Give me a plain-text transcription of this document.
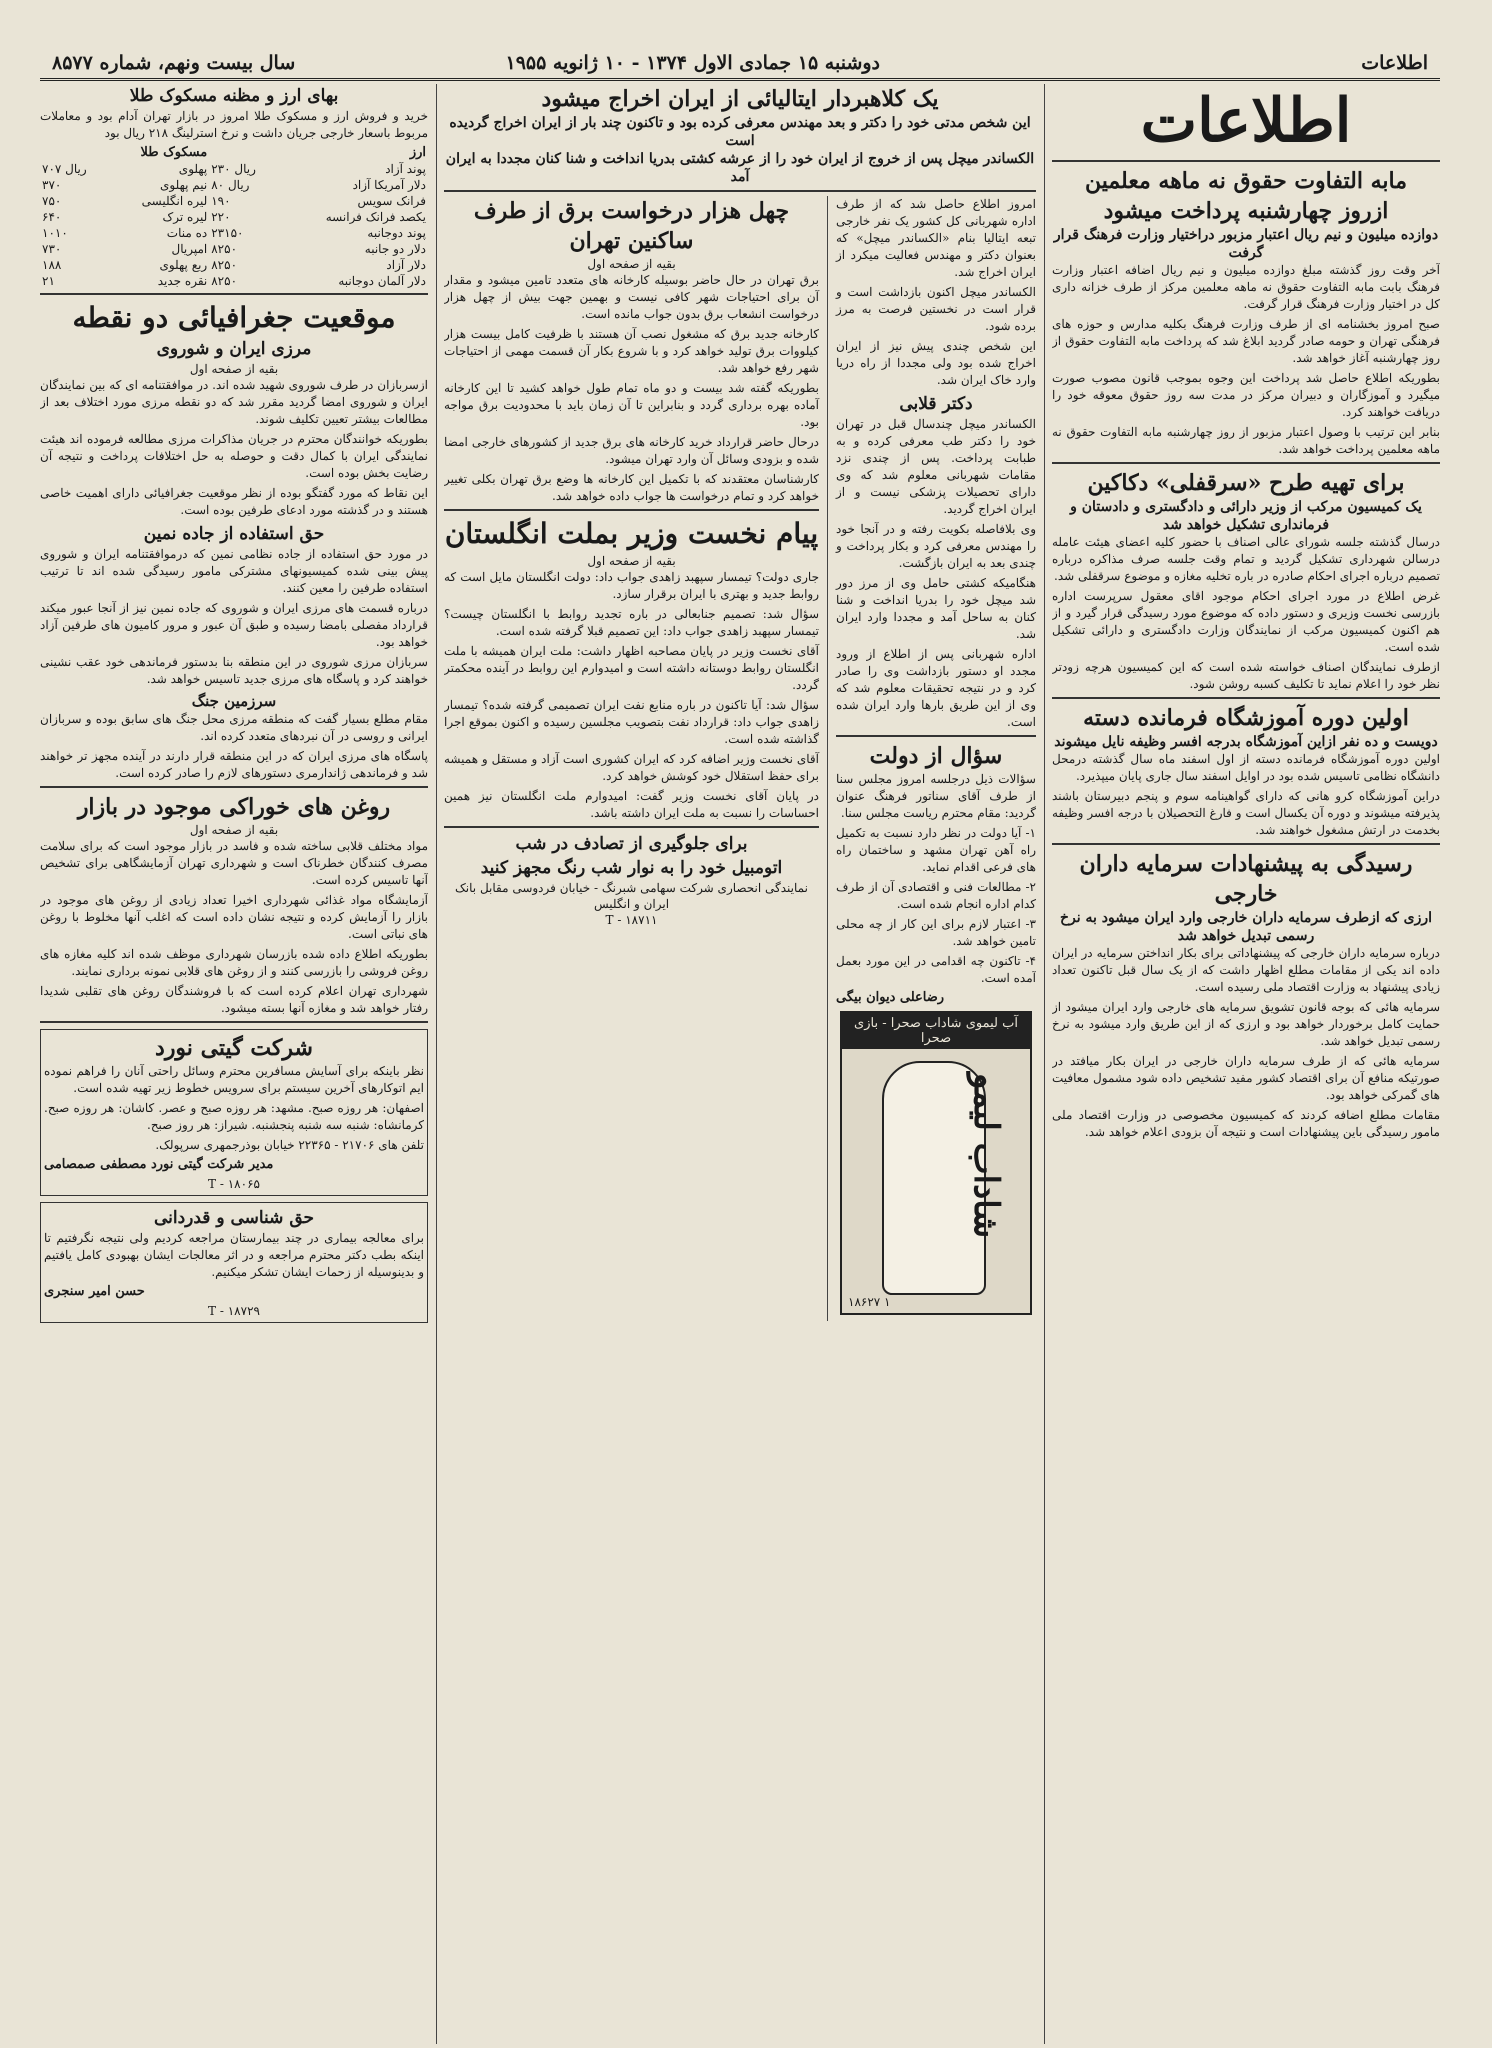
اطلاعات
دوشنبه ۱۵ جمادی الاول ۱۳۷۴ - ۱۰ ژانویه ۱۹۵۵
سال بیست ونهم، شماره ۸۵۷۷
اطلاعات
مابه التفاوت حقوق نه ماهه معلمین
ازروز چهارشنبه پرداخت میشود
دوازده میلیون و نیم ریال اعتبار مزبور دراختیار وزارت فرهنگ قرار گرفت

آخر وقت روز گذشته مبلغ دوازده میلیون و نیم ریال اضافه اعتبار وزارت فرهنگ بابت مابه التفاوت حقوق نه ماهه معلمین مرکز از طرف خزانه داری کل در اختیار وزارت فرهنگ قرار گرفت.

صبح امروز بخشنامه ای از طرف وزارت فرهنگ بکلیه مدارس و حوزه های فرهنگی تهران و حومه صادر گردید ابلاغ شد که پرداخت مابه التفاوت حقوق از روز چهارشنبه آغاز خواهد شد.

بطوریکه اطلاع حاصل شد پرداخت این وجوه بموجب قانون مصوب صورت میگیرد و آموزگاران و دبیران مرکز در مدت سه روز حقوق معوقه خود را دریافت خواهند کرد.

بنابر این ترتیب با وصول اعتبار مزبور از روز چهارشنبه مابه التفاوت حقوق نه ماهه معلمین پرداخت خواهد شد.

برای تهیه طرح «سرقفلی» دکاکین
یک کمیسیون مرکب از وزیر دارائی و دادگستری و دادستان و فرمانداری تشکیل خواهد شد

درسال گذشته جلسه شورای عالی اصناف با حضور کلیه اعضای هیئت عامله درسالن شهرداری تشکیل گردید و تمام وقت جلسه صرف مذاکره درباره تصمیم درباره اجرای احکام صادره در باره تخلیه مغازه و موضوع سرقفلی شد.

غرض اطلاع در مورد اجرای احکام موجود اقای معقول سرپرست اداره بازرسی نخست وزیری و دستور داده که موضوع مورد رسیدگی قرار گیرد و از هم اکنون کمیسیون مرکب از نمایندگان وزارت دادگستری و دارائی تشکیل شده است.

ازطرف نمایندگان اصناف خواسته شده است که این کمیسیون هرچه زودتر نظر خود را اعلام نماید تا تکلیف کسبه روشن شود.

اولین دوره آموزشگاه فرمانده دسته
دویست و ده نفر ازاین آموزشگاه بدرجه افسر وظیفه نایل میشوند

اولین دوره آموزشگاه فرمانده دسته از اول اسفند ماه سال گذشته درمحل دانشگاه نظامی تاسیس شده بود در اوایل اسفند سال جاری پایان میپذیرد.

دراین آموزشگاه کرو هانی که دارای گواهینامه سوم و پنجم دبیرستان باشند پذیرفته میشوند و دوره آن یکسال است و فارغ التحصیلان با درجه افسر وظیفه بخدمت در ارتش مشغول خواهند شد.

رسیدگی به پیشنهادات سرمایه داران خارجی
ارزی که ازطرف سرمایه داران خارجی وارد ایران میشود به نرخ رسمی تبدیل خواهد شد

درباره سرمایه داران خارجی که پیشنهاداتی برای بکار انداختن سرمایه در ایران داده اند یکی از مقامات مطلع اظهار داشت که از یک سال قبل تاکنون تعداد زیادی پیشنهاد به وزارت اقتصاد ملی رسیده است.

سرمایه هائی که بوجه قانون تشویق سرمایه های خارجی وارد ایران میشود از حمایت کامل برخوردار خواهد بود و ارزی که از این طریق وارد میشود به نرخ رسمی تبدیل خواهد شد.

سرمایه هائی که از طرف سرمایه داران خارجی در ایران بکار میافتد در صورتیکه منافع آن برای اقتصاد کشور مفید تشخیص داده شود مشمول معافیت های گمرکی خواهد بود.

مقامات مطلع اضافه کردند که کمیسیون مخصوصی در وزارت اقتصاد ملی مامور رسیدگی باین پیشنهادات است و نتیجه آن بزودی اعلام خواهد شد.

یک کلاهبردار ایتالیائی از ایران اخراج میشود
این شخص مدتی خود را دکتر و بعد مهندس معرفی کرده بود و تاکنون چند بار از ایران اخراج گردیده است
الکساندر میچل پس از خروج از ایران خود را از عرشه کشتی بدریا انداخت و شنا کنان مجددا به ایران آمد

امروز اطلاع حاصل شد که از طرف اداره شهربانی کل کشور یک نفر خارجی تبعه ایتالیا بنام «الکساندر میچل» که بعنوان دکتر و مهندس فعالیت میکرد از ایران اخراج شد.

الکساندر میچل اکنون بازداشت است و قرار است در نخستین فرصت به مرز برده شود.

این شخص چندی پیش نیز از ایران اخراج شده بود ولی مجددا از راه دریا وارد خاک ایران شد.

دکتر قلابی

الکساندر میچل چندسال قبل در تهران خود را دکتر طب معرفی کرده و به طبابت پرداخت. پس از چندی نزد مقامات شهربانی معلوم شد که وی دارای تحصیلات پزشکی نیست و از ایران اخراج گردید.

وی بلافاصله بکویت رفته و در آنجا خود را مهندس معرفی کرد و بکار پرداخت و چندی بعد به ایران بازگشت.

هنگامیکه کشتی حامل وی از مرز دور شد میچل خود را بدریا انداخت و شنا کنان به ساحل آمد و مجددا وارد ایران شد.

اداره شهربانی پس از اطلاع از ورود مجدد او دستور بازداشت وی را صادر کرد و در نتیجه تحقیقات معلوم شد که وی از این طریق بارها وارد ایران شده است.

سؤال از دولت

سؤالات ذیل درجلسه امروز مجلس سنا از طرف آقای سناتور فرهنگ عنوان گردید: مقام محترم ریاست مجلس سنا.

۱- آیا دولت در نظر دارد نسبت به تکمیل راه آهن تهران مشهد و ساختمان راه های فرعی اقدام نماید.

۲- مطالعات فنی و اقتصادی آن از طرف کدام اداره انجام شده است.

۳- اعتبار لازم برای این کار از چه محلی تامین خواهد شد.

۴- تاکنون چه اقدامی در این مورد بعمل آمده است.

رضاعلی دیوان بیگی
آب لیموی شاداب صحرا - بازی صحرا
شاداب لیمو
۱۸۶۲۷ ۱
چهل هزار درخواست برق از طرف ساکنین تهران
بقیه از صفحه اول

برق تهران در حال حاضر بوسیله کارخانه های متعدد تامین میشود و مقدار آن برای احتیاجات شهر کافی نیست و بهمین جهت بیش از چهل هزار درخواست انشعاب برق بدون جواب مانده است.

کارخانه جدید برق که مشغول نصب آن هستند با ظرفیت کامل بیست هزار کیلووات برق تولید خواهد کرد و با شروع بکار آن قسمت مهمی از احتیاجات شهر رفع خواهد شد.

بطوریکه گفته شد بیست و دو ماه تمام طول خواهد کشید تا این کارخانه آماده بهره برداری گردد و بنابراین تا آن زمان باید با محدودیت برق مواجه بود.

درحال حاضر قرارداد خرید کارخانه های برق جدید از کشورهای خارجی امضا شده و بزودی وسائل آن وارد تهران میشود.

کارشناسان معتقدند که با تکمیل این کارخانه ها وضع برق تهران بکلی تغییر خواهد کرد و تمام درخواست ها جواب داده خواهد شد.

پیام نخست وزیر بملت انگلستان
بقیه از صفحه اول

جاری دولت؟ تیمسار سپهبد زاهدی جواب داد: دولت انگلستان مایل است که روابط جدید و بهتری با ایران برقرار سازد.

سؤال شد: تصمیم جنابعالی در باره تجدید روابط با انگلستان چیست؟ تیمسار سپهبد زاهدی جواب داد: این تصمیم قبلا گرفته شده است.

آقای نخست وزیر در پایان مصاحبه اظهار داشت: ملت ایران همیشه با ملت انگلستان روابط دوستانه داشته است و امیدوارم این روابط در آینده محکمتر گردد.

سؤال شد: آیا تاکنون در باره منابع نفت ایران تصمیمی گرفته شده؟ تیمسار زاهدی جواب داد: قرارداد نفت بتصویب مجلسین رسیده و اکنون بموقع اجرا گذاشته شده است.

آقای نخست وزیر اضافه کرد که ایران کشوری است آزاد و مستقل و همیشه برای حفظ استقلال خود کوشش خواهد کرد.

در پایان آقای نخست وزیر گفت: امیدوارم ملت انگلستان نیز همین احساسات را نسبت به ملت ایران داشته باشد.

برای جلوگیری از تصادف در شب
اتومبیل خود را به نوار شب رنگ مجهز کنید
نمایندگی انحصاری شرکت سهامی شبرنگ - خیابان فردوسی مقابل بانک ایران و انگلیس
۱۸۷۱۱ - T
بهای ارز و مظنه مسکوک طلا

خرید و فروش ارز و مسکوک طلا امروز در بازار تهران آدام بود و معاملات مربوط باسعار خارجی جریان داشت و نرخ استرلینگ ۲۱۸ ریال بود

ارز		مسکوک طلا	
پوند آزاد	۲۳۰ ریال	پهلوی	۷۰۷ ریال
دلار آمریکا آزاد	۸۰ ریال	نیم پهلوی	۳۷۰
فرانک سویس	۱۹۰	لیره انگلیسی	۷۵۰
یکصد فرانک فرانسه	۲۲۰	لیره ترک	۶۴۰
پوند دوجانبه	۲۳۱۵۰	ده منات	۱۰۱۰
دلار دو جانبه	۸۲۵۰	امپریال	۷۳۰
دلار آزاد	۸۲۵۰	ربع پهلوی	۱۸۸
دلار آلمان دوجانبه	۸۲۵۰	نقره جدید	۲۱
موقعیت جغرافیائی دو نقطه
مرزی ایران و شوروی
بقیه از صفحه اول

ازسربازان در طرف شوروی شهید شده اند. در موافقتنامه ای که بین نمایندگان ایران و شوروی امضا گردید مقرر شد که دو نقطه مرزی مورد اختلاف بعد از مطالعات بیشتر تعیین تکلیف شوند.

بطوریکه خوانندگان محترم در جریان مذاکرات مرزی مطالعه فرموده اند هیئت نمایندگی ایران با کمال دقت و حوصله به حل اختلافات پرداخت و نتیجه آن رضایت بخش بوده است.

این نقاط که مورد گفتگو بوده از نظر موقعیت جغرافیائی دارای اهمیت خاصی هستند و در گذشته مورد ادعای طرفین بوده است.

حق استفاده از جاده نمین

در مورد حق استفاده از جاده نظامی نمین که درموافقتنامه ایران و شوروی پیش بینی شده کمیسیونهای مشترکی مامور رسیدگی شده اند تا ترتیب استفاده طرفین را معین کنند.

درباره قسمت های مرزی ایران و شوروی که جاده نمین نیز از آنجا عبور میکند قرارداد مفصلی بامضا رسیده و طبق آن عبور و مرور کامیون های طرفین آزاد خواهد بود.

سربازان مرزی شوروی در این منطقه بنا بدستور فرماندهی خود عقب نشینی خواهند کرد و پاسگاه های مرزی جدید تاسیس خواهد شد.

سرزمین جنگ

مقام مطلع بسیار گفت که منطقه مرزی محل جنگ های سابق بوده و سربازان ایرانی و روسی در آن نبردهای متعدد کرده اند.

پاسگاه های مرزی ایران که در این منطقه قرار دارند در آینده مجهز تر خواهند شد و فرماندهی ژاندارمری دستورهای لازم را صادر کرده است.

روغن های خوراکی موجود در بازار
بقیه از صفحه اول

مواد مختلف قلابی ساخته شده و فاسد در بازار موجود است که برای سلامت مصرف کنندگان خطرناک است و شهرداری تهران آزمایشگاهی برای تشخیص آنها تاسیس کرده است.

آزمایشگاه مواد غذائی شهرداری اخیرا تعداد زیادی از روغن های موجود در بازار را آزمایش کرده و نتیجه نشان داده است که اغلب آنها مخلوط با روغن های نباتی است.

بطوریکه اطلاع داده شده بازرسان شهرداری موظف شده اند کلیه مغازه های روغن فروشی را بازرسی کنند و از روغن های قلابی نمونه برداری نمایند.

شهرداری تهران اعلام کرده است که با فروشندگان روغن های تقلبی شدیدا رفتار خواهد شد و مغازه آنها بسته میشود.

شرکت گیتی نورد

نظر باینکه برای آسایش مسافرین محترم وسائل راحتی آنان را فراهم نموده ایم اتوکارهای آخرین سیستم برای سرویس خطوط زیر تهیه شده است.

اصفهان: هر روزه صبح. مشهد: هر روزه صبح و عصر. کاشان: هر روزه صبح. کرمانشاه: شنبه سه شنبه پنجشنبه. شیراز: هر روز صبح.

تلفن های ۲۱۷۰۶ - ۲۲۳۶۵ خیابان بوذرجمهری سرپولک.

مدیر شرکت گیتی نورد مصطفی صمصامی
۱۸۰۶۵ - T
حق شناسی و قدردانی

برای معالجه بیماری در چند بیمارستان مراجعه کردیم ولی نتیجه نگرفتیم تا اینکه بطب دکتر محترم مراجعه و در اثر معالجات ایشان بهبودی کامل یافتیم و بدینوسیله از زحمات ایشان تشکر میکنیم.

حسن امیر سنجری
۱۸۷۲۹ - T
